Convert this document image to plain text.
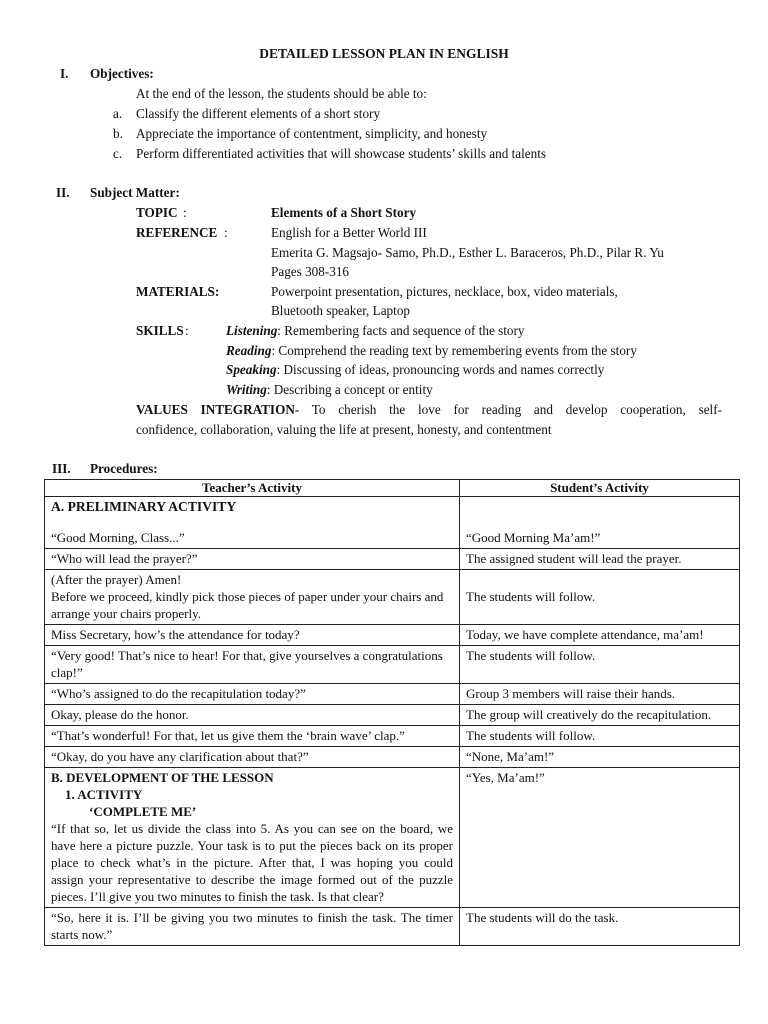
DETAILED LESSON PLAN IN ENGLISH
I. Objectives:
At the end of the lesson, the students should be able to:
a. Classify the different elements of a short story
b. Appreciate the importance of contentment, simplicity, and honesty
c. Perform differentiated activities that will showcase students’ skills and talents
II. Subject Matter:
TOPIC :	Elements of a Short Story
REFERENCE :	English for a Better World III
Emerita G. Magsajo- Samo, Ph.D., Esther L. Baraceros, Ph.D., Pilar R. Yu
Pages 308-316
MATERIALS:	Powerpoint presentation, pictures, necklace, box, video materials,
Bluetooth speaker, Laptop
SKILLS :	Listening: Remembering facts and sequence of the story
Reading: Comprehend the reading text by remembering events from the story
Speaking: Discussing of ideas, pronouncing words and names correctly
Writing: Describing a concept or entity
VALUES INTEGRATION- To cherish the love for reading and develop cooperation, self-
confidence, collaboration, valuing the life at present, honesty, and contentment
III. Procedures:
Teacher’s Activity	Student’s Activity

A. PRELIMINARY ACTIVITY
“Good Morning, Class...”	“Good Morning Ma’am!”

“Who will lead the prayer?”	The assigned student will lead the prayer.

(After the prayer) Amen!
Before we proceed, kindly pick those pieces of paper under your chairs and arrange your chairs properly.	The students will follow.
Miss Secretary, how’s the attendance for today?	Today, we have complete attendance, ma’am!
“Very good! That’s nice to hear! For that, give yourselves a congratulations clap!”	The students will follow.
“Who’s assigned to do the recapitulation today?”	Group 3 members will raise their hands.
Okay, please do the honor.	The group will creatively do the recapitulation.
“That’s wonderful! For that, let us give them the ‘brain wave’ clap.”	The students will follow.
“Okay, do you have any clarification about that?”	“None, Ma’am!”

B. DEVELOPMENT OF THE LESSON
1. ACTIVITY
‘COMPLETE ME’
“If that so, let us divide the class into 5. As you can see on the board, we have here a picture puzzle. Your task is to put the pieces back on its proper place to check what’s in the picture. After that, I was hoping you could assign your representative to describe the image formed out of the puzzle pieces. I’ll give you two minutes to finish the task. Is that clear?	“Yes, Ma’am!”
“So, here it is. I’ll be giving you two minutes to finish the task. The timer starts now.”	The students will do the task.
